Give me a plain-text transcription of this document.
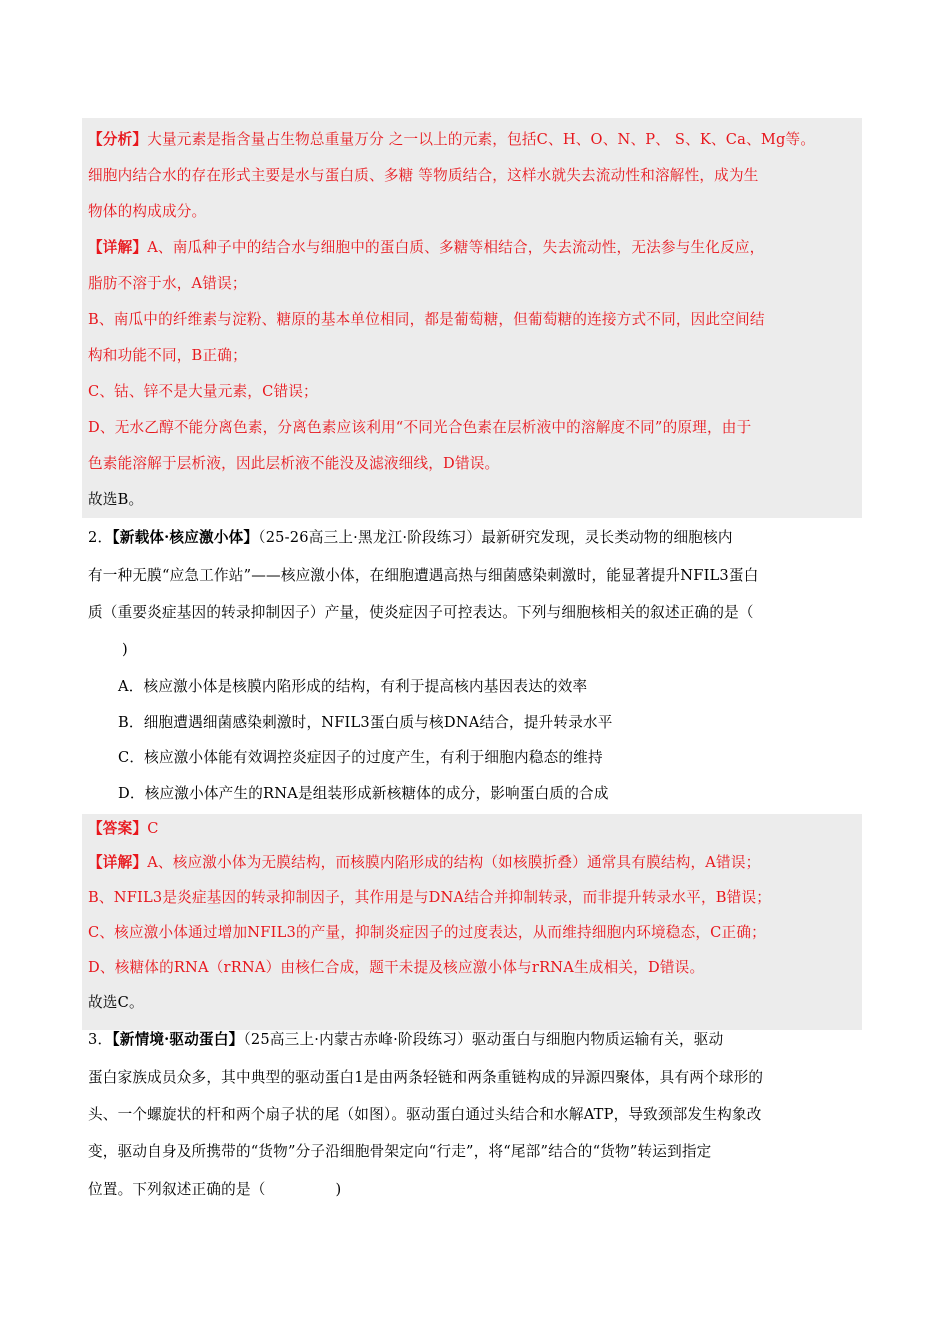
【分析】大量元素是指含量占生物总重量万分 之一以上的元素，包括C、H、O、N、P、 S、K、Ca、Mg等。
细胞内结合水的存在形式主要是水与蛋白质、多糖 等物质结合，这样水就失去流动性和溶解性，成为生
物体的构成成分。
【详解】A、南瓜种子中的结合水与细胞中的蛋白质、多糖等相结合，失去流动性，无法参与生化反应，
脂肪不溶于水，A错误；
B、南瓜中的纤维素与淀粉、糖原的基本单位相同，都是葡萄糖，但葡萄糖的连接方式不同，因此空间结
构和功能不同，B正确；
C、钴、锌不是大量元素，C错误；
D、无水乙醇不能分离色素，分离色素应该利用“不同光合色素在层析液中的溶解度不同”的原理，由于
色素能溶解于层析液，因此层析液不能没及滤液细线，D错误。
故选B。
2．【新载体·核应激小体】（25-26高三上·黑龙江·阶段练习）最新研究发现，灵长类动物的细胞核内
有一种无膜“应急工作站”——核应激小体，在细胞遭遇高热与细菌感染刺激时，能显著提升NFIL3蛋白
质（重要炎症基因的转录抑制因子）产量，使炎症因子可控表达。下列与细胞核相关的叙述正确的是（
)
A．核应激小体是核膜内陷形成的结构，有利于提高核内基因表达的效率
B．细胞遭遇细菌感染刺激时，NFIL3蛋白质与核DNA结合，提升转录水平
C．核应激小体能有效调控炎症因子的过度产生，有利于细胞内稳态的维持
D．核应激小体产生的RNA是组装形成新核糖体的成分，影响蛋白质的合成
【答案】C
【详解】A、核应激小体为无膜结构，而核膜内陷形成的结构（如核膜折叠）通常具有膜结构，A错误；
B、NFIL3是炎症基因的转录抑制因子，其作用是与DNA结合并抑制转录，而非提升转录水平，B错误；
C、核应激小体通过增加NFIL3的产量，抑制炎症因子的过度表达，从而维持细胞内环境稳态，C正确；
D、核糖体的RNA（rRNA）由核仁合成，题干未提及核应激小体与rRNA生成相关，D错误。
故选C。
3．【新情境·驱动蛋白】（25高三上·内蒙古赤峰·阶段练习）驱动蛋白与细胞内物质运输有关，驱动
蛋白家族成员众多，其中典型的驱动蛋白1是由两条轻链和两条重链构成的异源四聚体，具有两个球形的
头、一个螺旋状的杆和两个扇子状的尾（如图）。驱动蛋白通过头结合和水解ATP，导致颈部发生构象改
变，驱动自身及所携带的“货物”分子沿细胞骨架定向“行走”，将“尾部”结合的“货物”转运到指定
位置。下列叙述正确的是（	)
